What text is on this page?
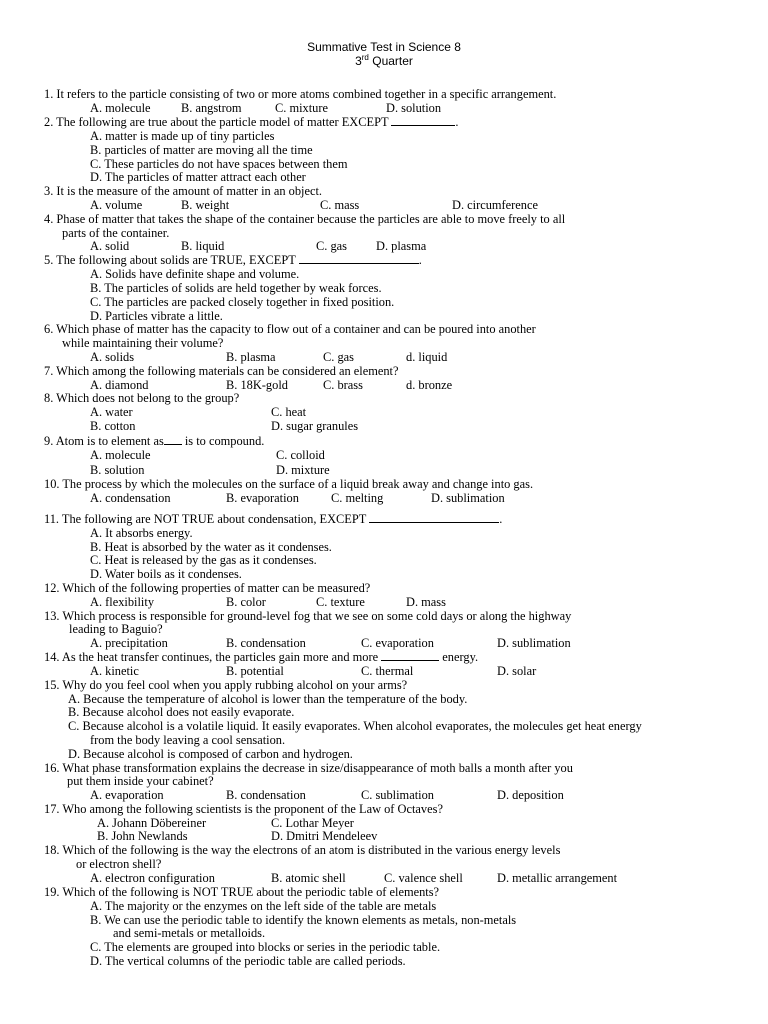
Summative Test in Science 8
3rd Quarter
1. It refers to the particle consisting of two or more atoms combined together in a specific arrangement.
A. molecule B. angstrom	C. mixture	D. solution
2. The following are true about the particle model of matter EXCEPT	.
A. matter is made up of tiny particles
B. particles of matter are moving all the time
C. These particles do not have spaces between them
D. The particles of matter attract each other
3. It is the measure of the amount of matter in an object.
A. volume	B. weight	C. mass	D. circumference
4. Phase of matter that takes the shape of the container because the particles are able to move freely to all
parts of the container.
A. solid	B. liquid	C. gas D. plasma
5. The following about solids are TRUE, EXCEPT	.
A. Solids have definite shape and volume.
B. The particles of solids are held together by weak forces.
C. The particles are packed closely together in fixed position.
D. Particles vibrate a little.
6. Which phase of matter has the capacity to flow out of a container and can be poured into another
while maintaining their volume?
A. solids	B. plasma	C. gas	d. liquid
7. Which among the following materials can be considered an element?
A. diamond	B. 18K-gold	C. brass	d. bronze
8. Which does not belong to the group?
A. water	C. heat
B. cotton	D. sugar granules
9. Atom is to element as is to compound.
A. molecule	C. colloid
B. solution	D. mixture
10. The process by which the molecules on the surface of a liquid break away and change into gas.
A. condensation	B. evaporation	C. melting	D. sublimation
11. The following are NOT TRUE about condensation, EXCEPT	.
A. It absorbs energy.
B. Heat is absorbed by the water as it condenses.
C. Heat is released by the gas as it condenses.
D. Water boils as it condenses.
12. Which of the following properties of matter can be measured?
A. flexibility	B. color	C. texture	D. mass
13. Which process is responsible for ground-level fog that we see on some cold days or along the highway
leading to Baguio?
A. precipitation	B. condensation	C. evaporation	D. sublimation
14. As the heat transfer continues, the particles gain more and more	energy.
A. kinetic	B. potential	C. thermal	D. solar
15. Why do you feel cool when you apply rubbing alcohol on your arms?
A. Because the temperature of alcohol is lower than the temperature of the body.
B. Because alcohol does not easily evaporate.
C. Because alcohol is a volatile liquid. It easily evaporates. When alcohol evaporates, the molecules get heat energy
from the body leaving a cool sensation.
D. Because alcohol is composed of carbon and hydrogen.
16. What phase transformation explains the decrease in size/disappearance of moth balls a month after you
put them inside your cabinet?
A. evaporation	B. condensation	C. sublimation	D. deposition
17. Who among the following scientists is the proponent of the Law of Octaves?
A. Johann Döbereiner	C. Lothar Meyer
B. John Newlands	D. Dmitri Mendeleev
18. Which of the following is the way the electrons of an atom is distributed in the various energy levels
or electron shell?
A. electron configuration	B. atomic shell	C. valence shell	D. metallic arrangement
19. Which of the following is NOT TRUE about the periodic table of elements?
A. The majority or the enzymes on the left side of the table are metals
B. We can use the periodic table to identify the known elements as metals, non-metals
and semi-metals or metalloids.
C. The elements are grouped into blocks or series in the periodic table.
D. The vertical columns of the periodic table are called periods.
